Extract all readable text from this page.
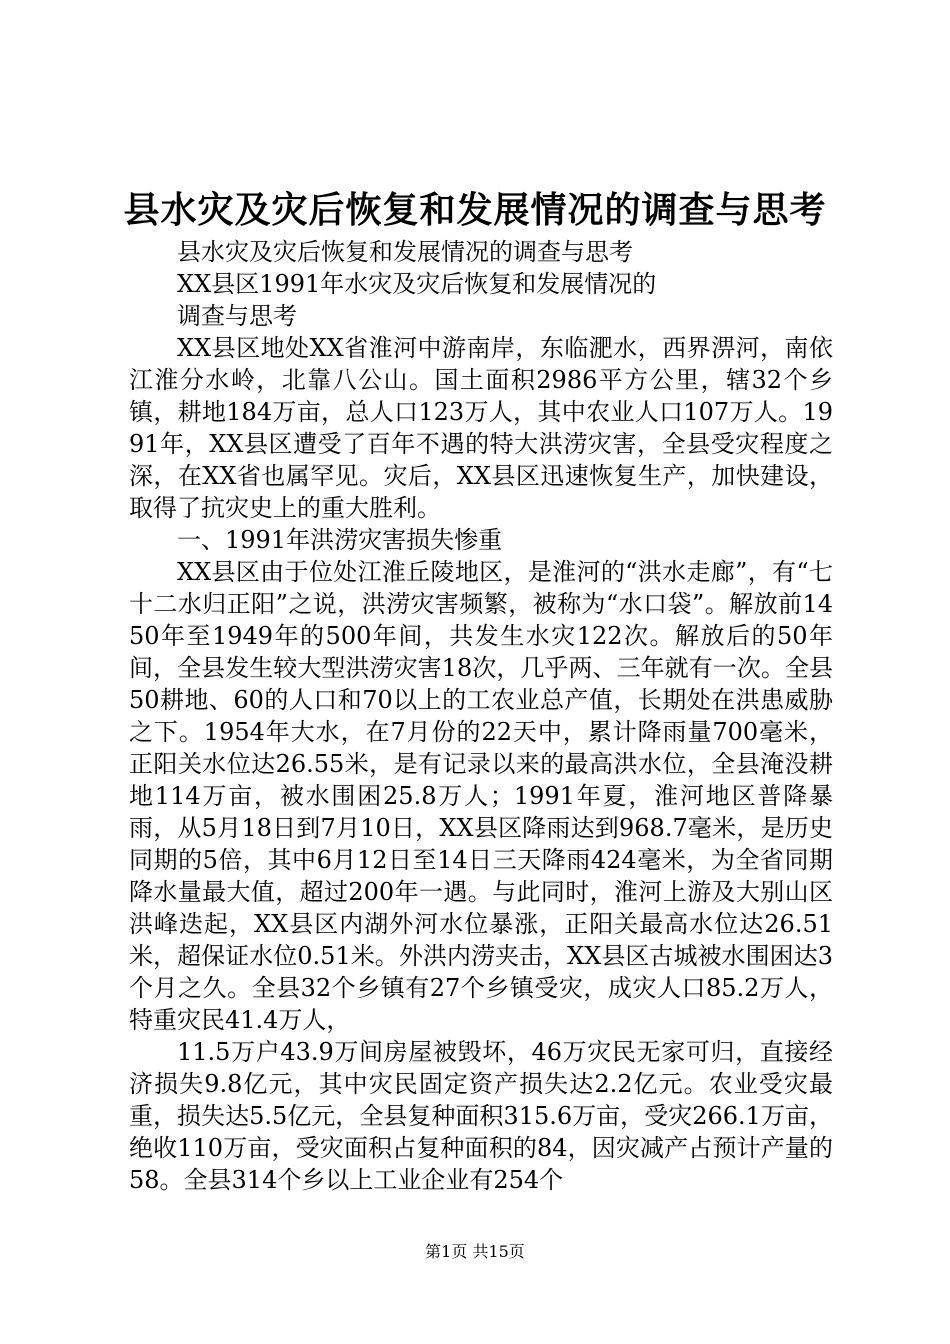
县水灾及灾后恢复和发展情况的调查与思考

县水灾及灾后恢复和发展情况的调查与思考

XX县区1991年水灾及灾后恢复和发展情况的

调查与思考

XX县区地处XX省淮河中游南岸，东临淝水，西界淠河，南依江淮分水岭，北靠八公山。国土面积2986平方公里，辖32个乡镇，耕地184万亩，总人口123万人，其中农业人口107万人。1991年，XX县区遭受了百年不遇的特大洪涝灾害，全县受灾程度之深，在XX省也属罕见。灾后，XX县区迅速恢复生产，加快建设，取得了抗灾史上的重大胜利。

一、1991年洪涝灾害损失惨重

XX县区由于位处江淮丘陵地区，是淮河的“洪水走廊”，有“七十二水归正阳”之说，洪涝灾害频繁，被称为“水口袋”。解放前1450年至1949年的500年间，共发生水灾122次。解放后的50年间，全县发生较大型洪涝灾害18次，几乎两、三年就有一次。全县50耕地、60的人口和70以上的工农业总产值，长期处在洪患威胁之下。1954年大水，在7月份的22天中，累计降雨量700毫米，正阳关水位达26.55米，是有记录以来的最高洪水位，全县淹没耕地114万亩，被水围困25.8万人；1991年夏，淮河地区普降暴雨，从5月18日到7月10日，XX县区降雨达到968.7毫米，是历史同期的5倍，其中6月12日至14日三天降雨424毫米，为全省同期降水量最大值，超过200年一遇。与此同时，淮河上游及大别山区洪峰迭起，XX县区内湖外河水位暴涨，正阳关最高水位达26.51米，超保证水位0.51米。外洪内涝夹击，XX县区古城被水围困达3个月之久。全县32个乡镇有27个乡镇受灾，成灾人口85.2万人，特重灾民41.4万人，

11.5万户43.9万间房屋被毁坏，46万灾民无家可归，直接经济损失9.8亿元，其中灾民固定资产损失达2.2亿元。农业受灾最重，损失达5.5亿元，全县复种面积315.6万亩，受灾266.1万亩，绝收110万亩，受灾面积占复种面积的84，因灾减产占预计产量的58。全县314个乡以上工业企业有254个

第1页 共15页
